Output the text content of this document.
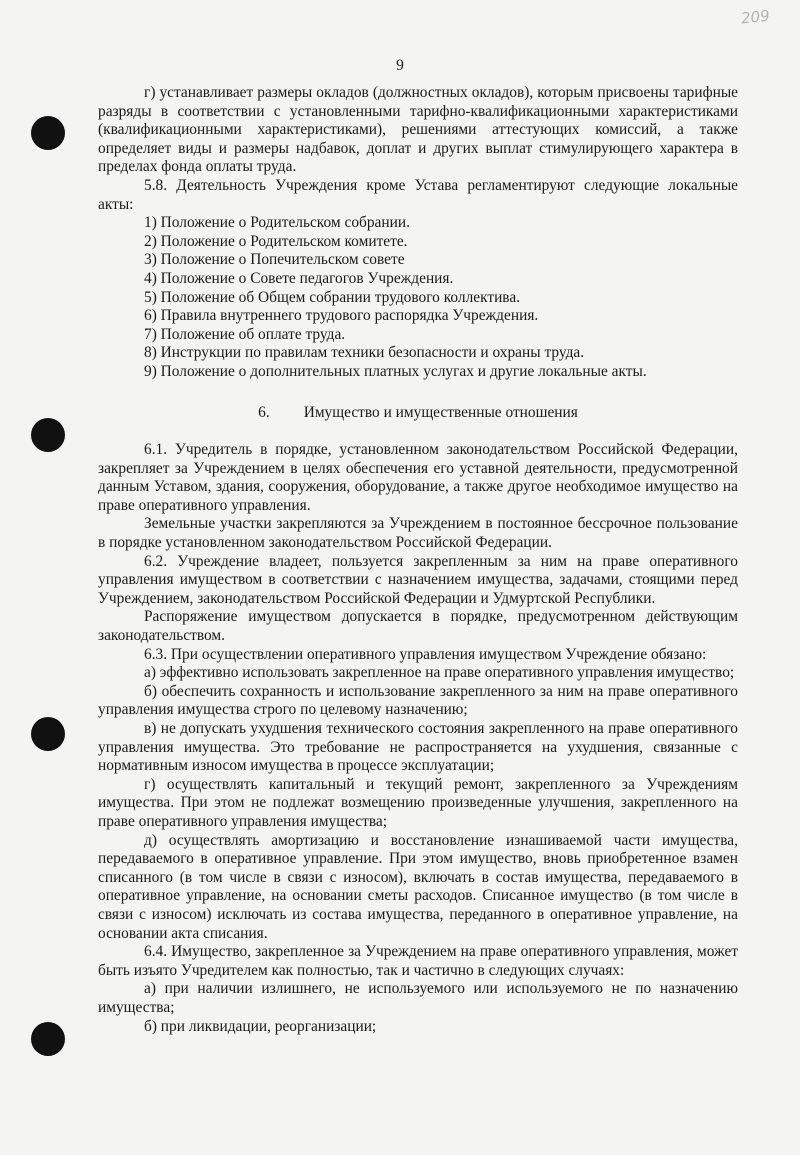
209
9

г) устанавливает размеры окладов (должностных окладов), которым присвоены тарифные разряды в соответствии с установленными тарифно-квалификационными характеристиками (квалификационными характеристиками), решениями аттестующих комиссий, а также определяет виды и размеры надбавок, доплат и других выплат стимулирующего характера в пределах фонда оплаты труда.

5.8. Деятельность Учреждения кроме Устава регламентируют следующие локальные акты:

1) Положение о Родительском собрании.
2) Положение о Родительском комитете.
3) Положение о Попечительском совете
4) Положение о Совете педагогов Учреждения.
5) Положение об Общем собрании трудового коллектива.
6) Правила внутреннего трудового распорядка Учреждения.
7) Положение об оплате труда.
8) Инструкции по правилам техники безопасности и охраны труда.
9) Положение о дополнительных платных услугах и другие локальные акты.
6. Имущество и имущественные отношения

6.1. Учредитель в порядке, установленном законодательством Российской Федерации, закрепляет за Учреждением в целях обеспечения его уставной деятельности, предусмотренной данным Уставом, здания, сооружения, оборудование, а также другое необходимое имущество на праве оперативного управления.

Земельные участки закрепляются за Учреждением в постоянное бессрочное пользование в порядке установленном законодательством Российской Федерации.

6.2. Учреждение владеет, пользуется закрепленным за ним на праве оперативного управления имуществом в соответствии с назначением имущества, задачами, стоящими перед Учреждением, законодательством Российской Федерации и Удмуртской Республики.

Распоряжение имуществом допускается в порядке, предусмотренном действующим законодательством.

6.3. При осуществлении оперативного управления имуществом Учреждение обязано:

а) эффективно использовать закрепленное на праве оперативного управления имущество;

б) обеспечить сохранность и использование закрепленного за ним на праве оперативного управления имущества строго по целевому назначению;

в) не допускать ухудшения технического состояния закрепленного на праве оперативного управления имущества. Это требование не распространяется на ухудшения, связанные с нормативным износом имущества в процессе эксплуатации;

г) осуществлять капитальный и текущий ремонт, закрепленного за Учреждениям имущества. При этом не подлежат возмещению произведенные улучшения, закрепленного на праве оперативного управления имущества;

д) осуществлять амортизацию и восстановление изнашиваемой части имущества, передаваемого в оперативное управление. При этом имущество, вновь приобретенное взамен списанного (в том числе в связи с износом), включать в состав имущества, передаваемого в оперативное управление, на основании сметы расходов. Списанное имущество (в том числе в связи с износом) исключать из состава имущества, переданного в оперативное управление, на основании акта списания.

6.4. Имущество, закрепленное за Учреждением на праве оперативного управления, может быть изъято Учредителем как полностью, так и частично в следующих случаях:

а) при наличии излишнего, не используемого или используемого не по назначению имущества;

б) при ликвидации, реорганизации;
